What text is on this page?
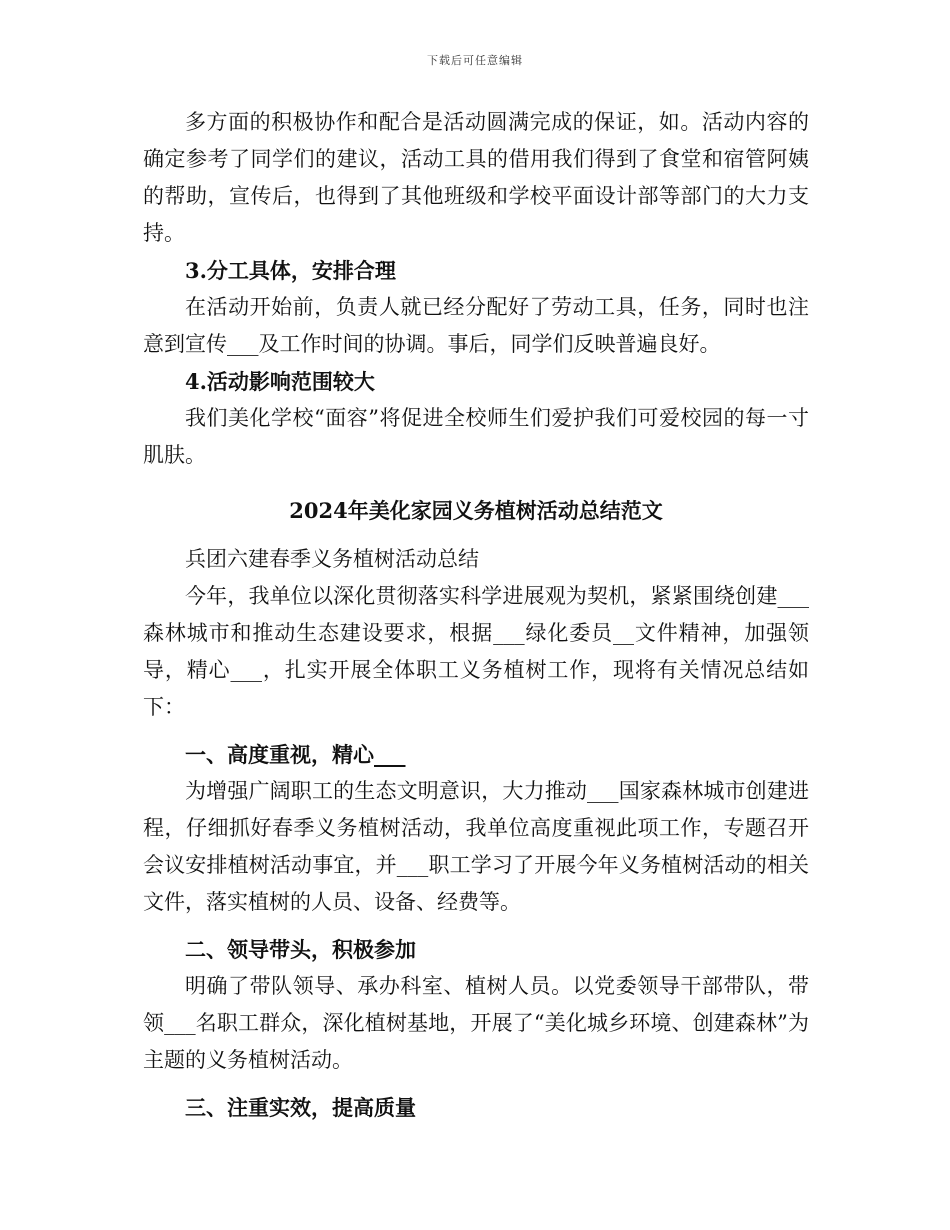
下载后可任意编辑

多方面的积极协作和配合是活动圆满完成的保证，如。活动内容的确定参考了同学们的建议，活动工具的借用我们得到了食堂和宿管阿姨的帮助，宣传后，也得到了其他班级和学校平面设计部等部门的大力支持。

3.分工具体，安排合理

在活动开始前，负责人就已经分配好了劳动工具，任务，同时也注意到宣传___及工作时间的协调。事后，同学们反映普遍良好。

4.活动影响范围较大

我们美化学校“面容”将促进全校师生们爱护我们可爱校园的每一寸肌肤。

2024年美化家园义务植树活动总结范文

兵团六建春季义务植树活动总结

今年，我单位以深化贯彻落实科学进展观为契机，紧紧围绕创建___森林城市和推动生态建设要求，根据___绿化委员__文件精神，加强领导，精心___，扎实开展全体职工义务植树工作，现将有关情况总结如下：

一、高度重视，精心___

为增强广阔职工的生态文明意识，大力推动___国家森林城市创建进程，仔细抓好春季义务植树活动，我单位高度重视此项工作，专题召开会议安排植树活动事宜，并___职工学习了开展今年义务植树活动的相关文件，落实植树的人员、设备、经费等。

二、领导带头，积极参加

明确了带队领导、承办科室、植树人员。以党委领导干部带队，带领___名职工群众，深化植树基地，开展了“美化城乡环境、创建森林”为主题的义务植树活动。

三、注重实效，提高质量
